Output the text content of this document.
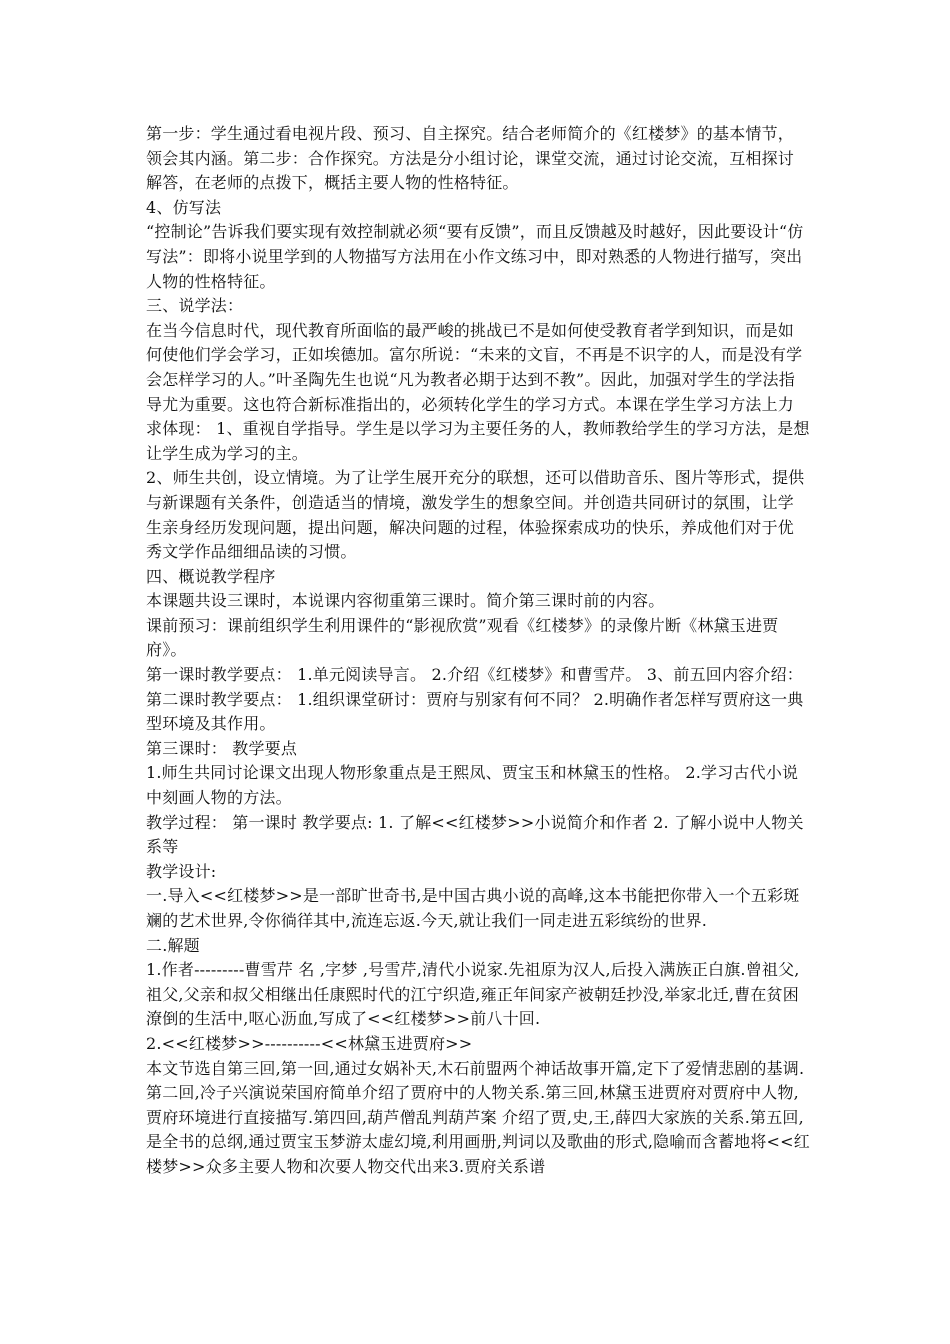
第一步：学生通过看电视片段、预习、自主探究。结合老师简介的《红楼梦》的基本情节，领会其内涵。第二步：合作探究。方法是分小组讨论，课堂交流，通过讨论交流，互相探讨解答，在老师的点拨下，概括主要人物的性格特征。

4、仿写法

“控制论”告诉我们要实现有效控制就必须“要有反馈”，而且反馈越及时越好，因此要设计“仿写法”：即将小说里学到的人物描写方法用在小作文练习中，即对熟悉的人物进行描写，突出人物的性格特征。

三、说学法：

在当今信息时代，现代教育所面临的最严峻的挑战已不是如何使受教育者学到知识，而是如何使他们学会学习，正如埃德加。富尔所说：“未来的文盲，不再是不识字的人，而是没有学会怎样学习的人。”叶圣陶先生也说“凡为教者必期于达到不教”。因此，加强对学生的学法指导尤为重要。这也符合新标准指出的，必须转化学生的学习方式。本课在学生学习方法上力求体现： 1、重视自学指导。学生是以学习为主要任务的人，教师教给学生的学习方法，是想让学生成为学习的主。

2、师生共创，设立情境。为了让学生展开充分的联想，还可以借助音乐、图片等形式，提供与新课题有关条件，创造适当的情境，激发学生的想象空间。并创造共同研讨的氛围，让学生亲身经历发现问题，提出问题，解决问题的过程，体验探索成功的快乐，养成他们对于优秀文学作品细细品读的习惯。

四、概说教学程序

本课题共设三课时，本说课内容彻重第三课时。简介第三课时前的内容。

课前预习：课前组织学生利用课件的“影视欣赏”观看《红楼梦》的录像片断《林黛玉进贾府》。

第一课时教学要点： 1.单元阅读导言。 2.介绍《红楼梦》和曹雪芹。 3、前五回内容介绍：

第二课时教学要点： 1.组织课堂研讨：贾府与别家有何不同？ 2.明确作者怎样写贾府这一典型环境及其作用。

第三课时： 教学要点

1.师生共同讨论课文出现人物形象重点是王熙凤、贾宝玉和林黛玉的性格。 2.学习古代小说中刻画人物的方法。

教学过程： 第一课时 教学要点: 1. 了解<<红楼梦>>小说简介和作者 2. 了解小说中人物关系等

教学设计:

一.导入<<红楼梦>>是一部旷世奇书,是中国古典小说的高峰,这本书能把你带入一个五彩斑斓的艺术世界,令你徜徉其中,流连忘返.今天,就让我们一同走进五彩缤纷的世界.

二.解题

1.作者---------曹雪芹 名 ,字梦 ,号雪芹,清代小说家.先祖原为汉人,后投入满族正白旗.曾祖父,祖父,父亲和叔父相继出任康熙时代的江宁织造,雍正年间家产被朝廷抄没,举家北迁,曹在贫困潦倒的生活中,呕心沥血,写成了<<红楼梦>>前八十回.

2.<<红楼梦>>----------<<林黛玉进贾府>>

本文节选自第三回,第一回,通过女娲补天,木石前盟两个神话故事开篇,定下了爱情悲剧的基调.第二回,冷子兴演说荣国府简单介绍了贾府中的人物关系.第三回,林黛玉进贾府对贾府中人物,贾府环境进行直接描写.第四回,葫芦僧乱判葫芦案 介绍了贾,史,王,薛四大家族的关系.第五回,是全书的总纲,通过贾宝玉梦游太虚幻境,利用画册,判词以及歌曲的形式,隐喻而含蓄地将<<红楼梦>>众多主要人物和次要人物交代出来3.贾府关系谱
